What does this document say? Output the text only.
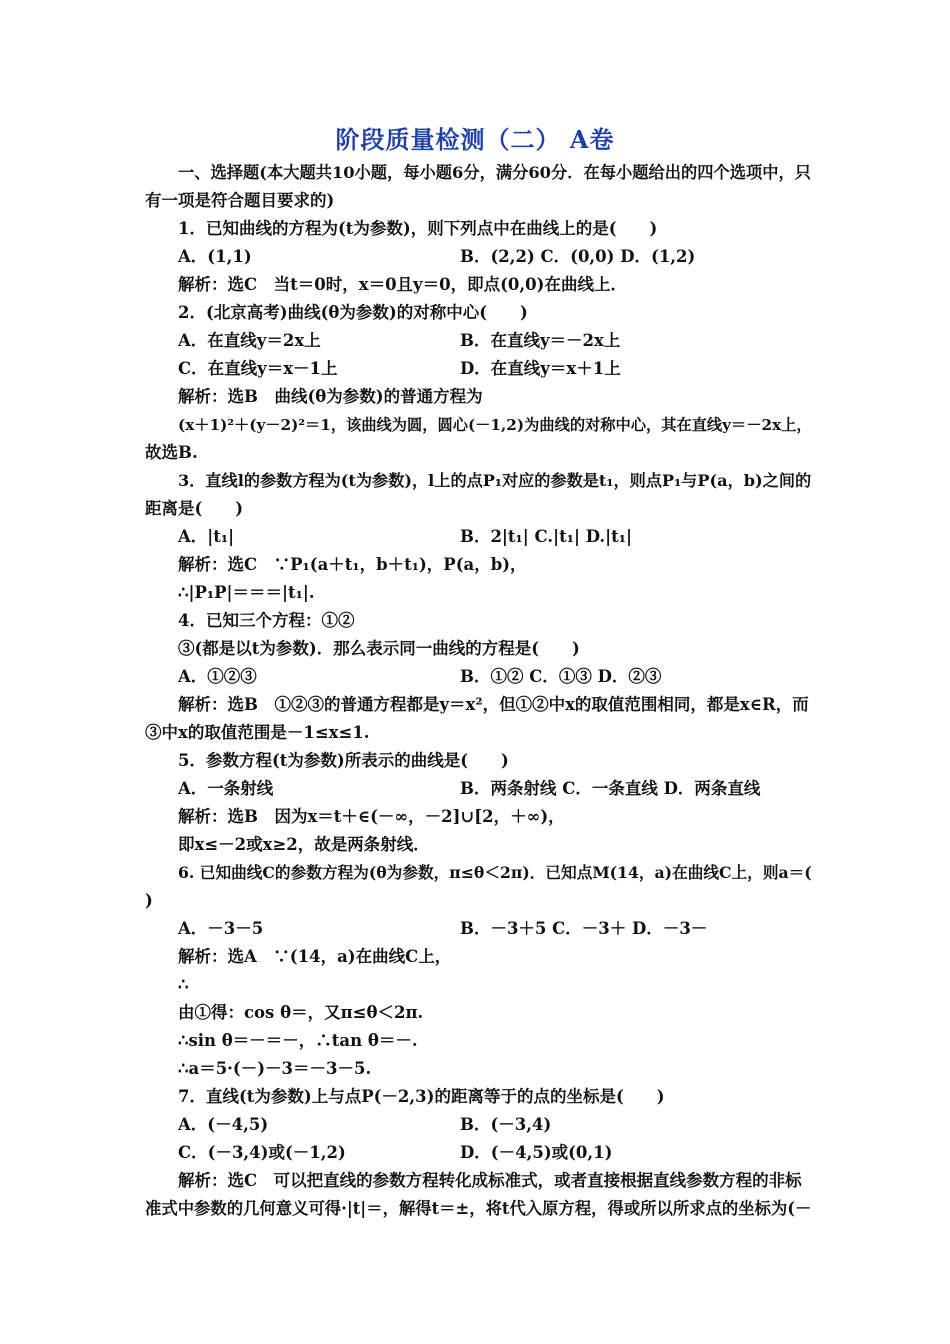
阶段质量检测（二） A卷
一、选择题(本大题共10小题，每小题6分，满分60分．在每小题给出的四个选项中，只
有一项是符合题目要求的)
1．已知曲线的方程为(t为参数)，则下列点中在曲线上的是(　　)
A．(1,1)	B．(2,2) C．(0,0) D．(1,2)
解析：选C　当t＝0时，x＝0且y＝0，即点(0,0)在曲线上．
2．(北京高考)曲线(θ为参数)的对称中心(　　)
A．在直线y＝2x上	B．在直线y＝－2x上
C．在直线y＝x－1上	D．在直线y＝x＋1上
解析：选B　曲线(θ为参数)的普通方程为
(x＋1)²＋(y－2)²＝1，该曲线为圆，圆心(－1,2)为曲线的对称中心，其在直线y＝－2x上，
故选B.
3．直线l的参数方程为(t为参数)，l上的点P₁对应的参数是t₁，则点P₁与P(a，b)之间的
距离是(　　)
A．|t₁|	B．2|t₁| C.|t₁| D.|t₁|
解析：选C　∵P₁(a＋t₁，b＋t₁)，P(a，b)，
∴|P₁P|＝＝＝|t₁|.
4．已知三个方程：①②
③(都是以t为参数)．那么表示同一曲线的方程是(　　)
A．①②③	B．①② C．①③ D．②③
解析：选B　①②③的普通方程都是y＝x²，但①②中x的取值范围相同，都是x∈R，而
③中x的取值范围是－1≤x≤1.
5．参数方程(t为参数)所表示的曲线是(　　)
A．一条射线	B．两条射线 C．一条直线 D．两条直线
解析：选B　因为x＝t＋∈(－∞，－2]∪[2，＋∞)，
即x≤－2或x≥2，故是两条射线．
6. 已知曲线C的参数方程为(θ为参数，π≤θ＜2π)．已知点M(14，a)在曲线C上，则a＝(
)
A．－3－5	B．－3＋5 C．－3＋ D．－3－
解析：选A　∵(14，a)在曲线C上，
∴
由①得：cos θ＝，又π≤θ＜2π.
∴sin θ＝－＝－，∴tan θ＝－.
∴a＝5·(－)－3＝－3－5.
7．直线(t为参数)上与点P(－2,3)的距离等于的点的坐标是(　　)
A．(－4,5)	B．(－3,4)
C．(－3,4)或(－1,2)	D．(－4,5)或(0,1)
解析：选C　可以把直线的参数方程转化成标准式，或者直接根据直线参数方程的非标
准式中参数的几何意义可得·|t|＝，解得t＝±，将t代入原方程，得或所以所求点的坐标为(－
